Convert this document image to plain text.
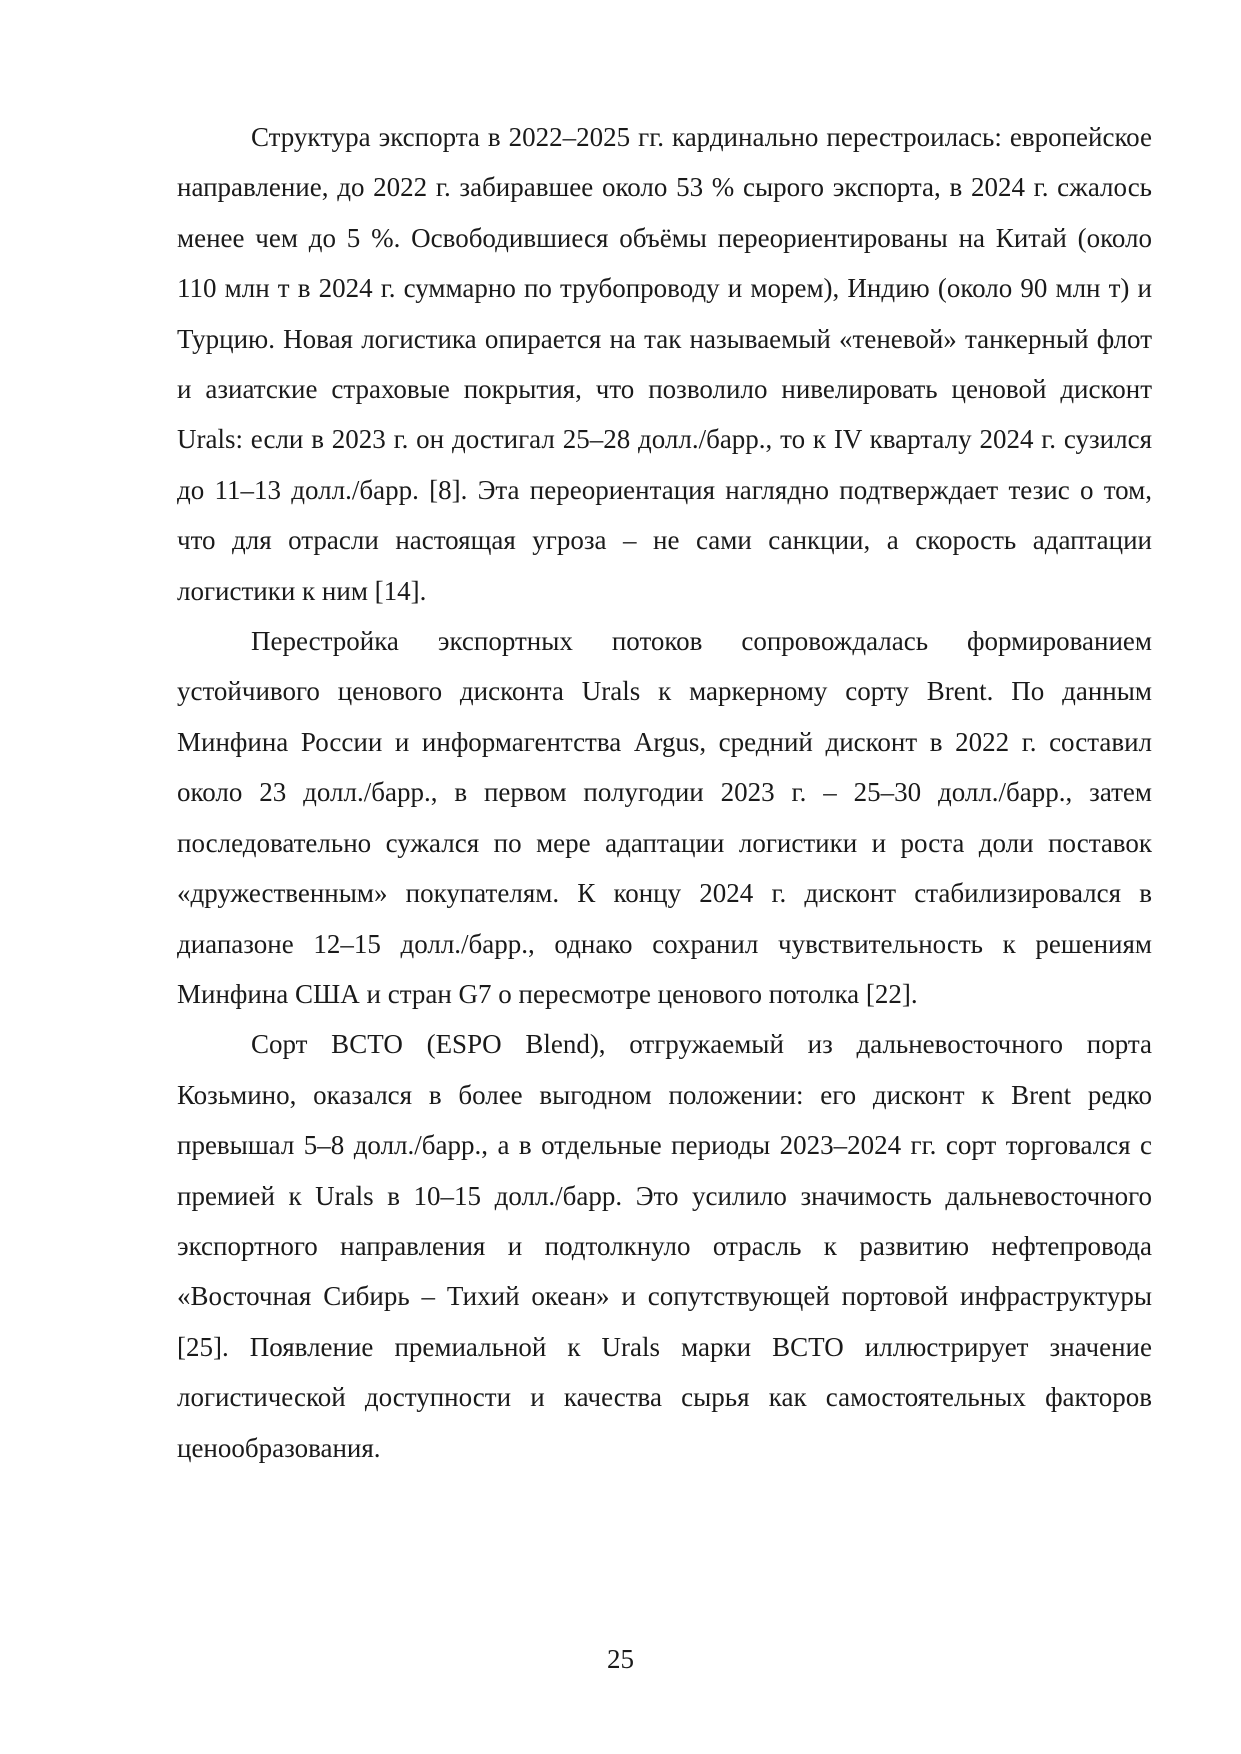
Структура экспорта в 2022–2025 гг. кардинально перестроилась: европейское направление, до 2022 г. забиравшее около 53 % сырого экспорта, в 2024 г. сжалось менее чем до 5 %. Освободившиеся объёмы переориентированы на Китай (около 110 млн т в 2024 г. суммарно по трубопроводу и морем), Индию (около 90 млн т) и Турцию. Новая логистика опирается на так называемый «теневой» танкерный флот и азиатские страховые покрытия, что позволило нивелировать ценовой дисконт Urals: если в 2023 г. он достигал 25–28 долл./барр., то к IV кварталу 2024 г. сузился до 11–13 долл./барр. [8]. Эта переориентация наглядно подтверждает тезис о том, что для отрасли настоящая угроза – не сами санкции, а скорость адаптации логистики к ним [14].

Перестройка экспортных потоков сопровождалась формированием устойчивого ценового дисконта Urals к маркерному сорту Brent. По данным Минфина России и информагентства Argus, средний дисконт в 2022 г. составил около 23 долл./барр., в первом полугодии 2023 г. – 25–30 долл./барр., затем последовательно сужался по мере адаптации логистики и роста доли поставок «дружественным» покупателям. К концу 2024 г. дисконт стабилизировался в диапазоне 12–15 долл./барр., однако сохранил чувствительность к решениям Минфина США и стран G7 о пересмотре ценового потолка [22].

Сорт ВСТО (ESPO Blend), отгружаемый из дальневосточного порта Козьмино, оказался в более выгодном положении: его дисконт к Brent редко превышал 5–8 долл./барр., а в отдельные периоды 2023–2024 гг. сорт торговался с премией к Urals в 10–15 долл./барр. Это усилило значимость дальневосточного экспортного направления и подтолкнуло отрасль к развитию нефтепровода «Восточная Сибирь – Тихий океан» и сопутствующей портовой инфраструктуры [25]. Появление премиальной к Urals марки ВСТО иллюстрирует значение логистической доступности и качества сырья как самостоятельных факторов ценообразования.

25
